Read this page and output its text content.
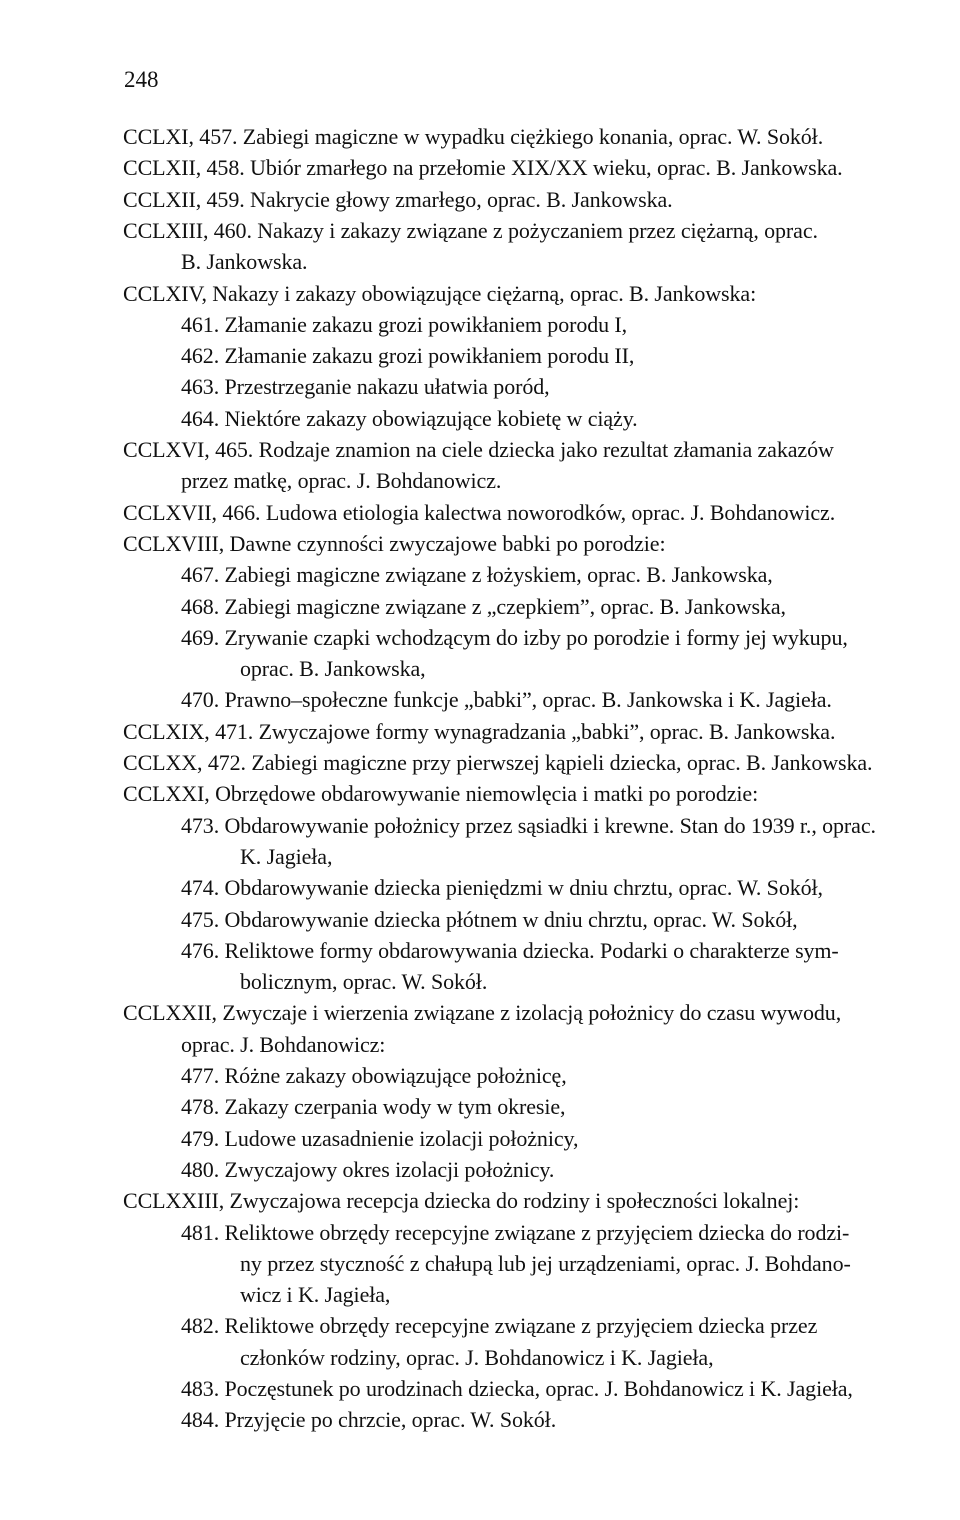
248

CCLXI, 457. Zabiegi magiczne w wypadku ciężkiego konania, oprac. W. Sokół.
CCLXII, 458. Ubiór zmarłego na przełomie XIX/XX wieku, oprac. B. Jankowska.
CCLXII, 459. Nakrycie głowy zmarłego, oprac. B. Jankowska.
CCLXIII, 460. Nakazy i zakazy związane z pożyczaniem przez ciężarną, oprac.
B. Jankowska.
CCLXIV, Nakazy i zakazy obowiązujące ciężarną, oprac. B. Jankowska:
461. Złamanie zakazu grozi powikłaniem porodu I,
462. Złamanie zakazu grozi powikłaniem porodu II,
463. Przestrzeganie nakazu ułatwia poród,
464. Niektóre zakazy obowiązujące kobietę w ciąży.
CCLXVI, 465. Rodzaje znamion na ciele dziecka jako rezultat złamania zakazów
przez matkę, oprac. J. Bohdanowicz.
CCLXVII, 466. Ludowa etiologia kalectwa noworodków, oprac. J. Bohdanowicz.
CCLXVIII, Dawne czynności zwyczajowe babki po porodzie:
467. Zabiegi magiczne związane z łożyskiem, oprac. B. Jankowska,
468. Zabiegi magiczne związane z „czepkiem”, oprac. B. Jankowska,
469. Zrywanie czapki wchodzącym do izby po porodzie i formy jej wykupu,
oprac. B. Jankowska,
470. Prawno–społeczne funkcje „babki”, oprac. B. Jankowska i K. Jagieła.
CCLXIX, 471. Zwyczajowe formy wynagradzania „babki”, oprac. B. Jankowska.
CCLXX, 472. Zabiegi magiczne przy pierwszej kąpieli dziecka, oprac. B. Jankowska.
CCLXXI, Obrzędowe obdarowywanie niemowlęcia i matki po porodzie:
473. Obdarowywanie położnicy przez sąsiadki i krewne. Stan do 1939 r., oprac.
K. Jagieła,
474. Obdarowywanie dziecka pieniędzmi w dniu chrztu, oprac. W. Sokół,
475. Obdarowywanie dziecka płótnem w dniu chrztu, oprac. W. Sokół,
476. Reliktowe formy obdarowywania dziecka. Podarki o charakterze sym-
bolicznym, oprac. W. Sokół.
CCLXXII, Zwyczaje i wierzenia związane z izolacją położnicy do czasu wywodu,
oprac. J. Bohdanowicz:
477. Różne zakazy obowiązujące położnicę,
478. Zakazy czerpania wody w tym okresie,
479. Ludowe uzasadnienie izolacji położnicy,
480. Zwyczajowy okres izolacji położnicy.
CCLXXIII, Zwyczajowa recepcja dziecka do rodziny i społeczności lokalnej:
481. Reliktowe obrzędy recepcyjne związane z przyjęciem dziecka do rodzi-
ny przez styczność z chałupą lub jej urządzeniami, oprac. J. Bohdano-
wicz i K. Jagieła,
482. Reliktowe obrzędy recepcyjne związane z przyjęciem dziecka przez
członków rodziny, oprac. J. Bohdanowicz i K. Jagieła,
483. Poczęstunek po urodzinach dziecka, oprac. J. Bohdanowicz i K. Jagieła,
484. Przyjęcie po chrzcie, oprac. W. Sokół.
